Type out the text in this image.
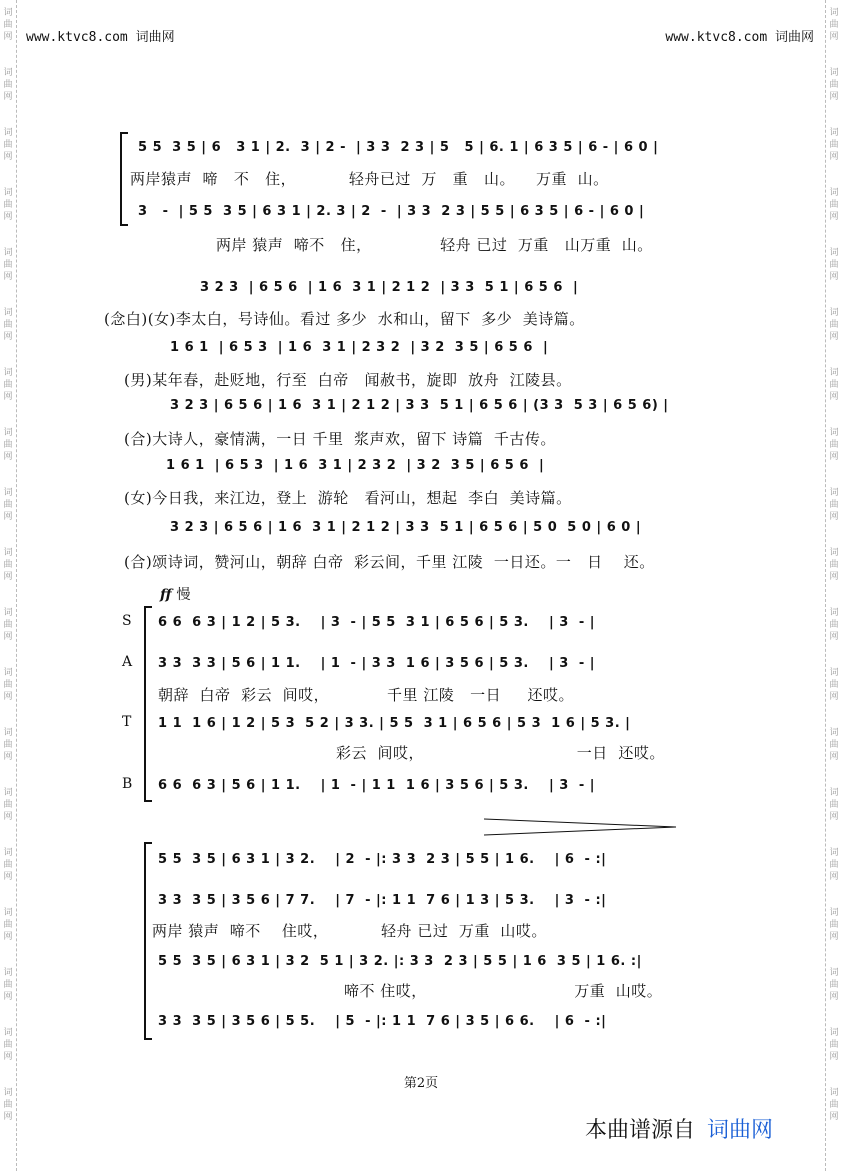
词
曲
网
词
曲
网
词
曲
网
词
曲
网
词
曲
网
词
曲
网
词
曲
网
词
曲
网
词
曲
网
词
曲
网
词
曲
网
词
曲
网
词
曲
网
词
曲
网
词
曲
网
词
曲
网
词
曲
网
词
曲
网
词
曲
网
词
曲
网
词
曲
网
词
曲
网
词
曲
网
词
曲
网
词
曲
网
词
曲
网
词
曲
网
词
曲
网
词
曲
网
词
曲
网
词
曲
网
词
曲
网
词
曲
网
词
曲
网
词
曲
网
词
曲
网
词
曲
网
词
曲
网
www.ktvc8.com 词曲网	www.ktvc8.com 词曲网
5 5  3 5 | 6   3 1 | 2.  3 | 2 -  | 3 3  2 3 | 5   5 | 6. 1 | 6 3 5 | 6 - | 6 0 |
两岸猿声  啼   不   住，          轻舟已过  万   重   山。    万重  山。
3   -  | 5 5  3 5 | 6 3 1 | 2. 3 | 2  -  | 3 3  2 3 | 5 5 | 6 3 5 | 6 - | 6 0 |
两岸 猿声  啼不   住，             轻舟 已过  万重   山万重  山。
3 2 3  | 6 5 6  | 1 6  3 1 | 2 1 2  | 3 3  5 1 | 6 5 6  |
(念白)(女)李太白，号诗仙。看过 多少  水和山，留下  多少  美诗篇。
1 6 1  | 6 5 3  | 1 6  3 1 | 2 3 2  | 3 2  3 5 | 6 5 6  |
(男)某年春，赴贬地，行至  白帝   闻赦书，旋即  放舟  江陵县。
3 2 3 | 6 5 6 | 1 6  3 1 | 2 1 2 | 3 3  5 1 | 6 5 6 | (3 3  5 3 | 6 5 6) |
(合)大诗人，豪情满，一日 千里  浆声欢，留下 诗篇  千古传。
1 6 1  | 6 5 3  | 1 6  3 1 | 2 3 2  | 3 2  3 5 | 6 5 6  |
(女)今日我，来江边，登上  游轮   看河山，想起  李白  美诗篇。
3 2 3 | 6 5 6 | 1 6  3 1 | 2 1 2 | 3 3  5 1 | 6 5 6 | 5 0  5 0 | 6 0 |
(合)颂诗词，赞河山，朝辞 白帝  彩云间，千里 江陵  一日还。一   日    还。
ff 慢
S
A
T
B
6 6  6 3 | 1 2 | 5 3.    | 3  - | 5 5  3 1 | 6 5 6 | 5 3.    | 3  - |
3 3  3 3 | 5 6 | 1 1.    | 1  - | 3 3  1 6 | 3 5 6 | 5 3.    | 3  - |
朝辞  白帝  彩云  间哎，           千里 江陵   一日     还哎。
1 1  1 6 | 1 2 | 5 3  5 2 | 3 3. | 5 5  3 1 | 6 5 6 | 5 3  1 6 | 5 3. |
彩云  间哎，                             一日  还哎。
6 6  6 3 | 5 6 | 1 1.    | 1  - | 1 1  1 6 | 3 5 6 | 5 3.    | 3  - |
5 5  3 5 | 6 3 1 | 3 2.    | 2  - |: 3 3  2 3 | 5 5 | 1 6.    | 6  - :|
3 3  3 5 | 3 5 6 | 7 7.    | 7  - |: 1 1  7 6 | 1 3 | 5 3.    | 3  - :|
两岸 猿声  啼不    住哎，          轻舟 已过  万重  山哎。
5 5  3 5 | 6 3 1 | 3 2  5 1 | 3 2. |: 3 3  2 3 | 5 5 | 1 6  3 5 | 1 6. :|
啼不 住哎，                            万重  山哎。
3 3  3 5 | 3 5 6 | 5 5.    | 5  - |: 1 1  7 6 | 3 5 | 6 6.    | 6  - :|
第2页
本曲谱源自 词曲网
